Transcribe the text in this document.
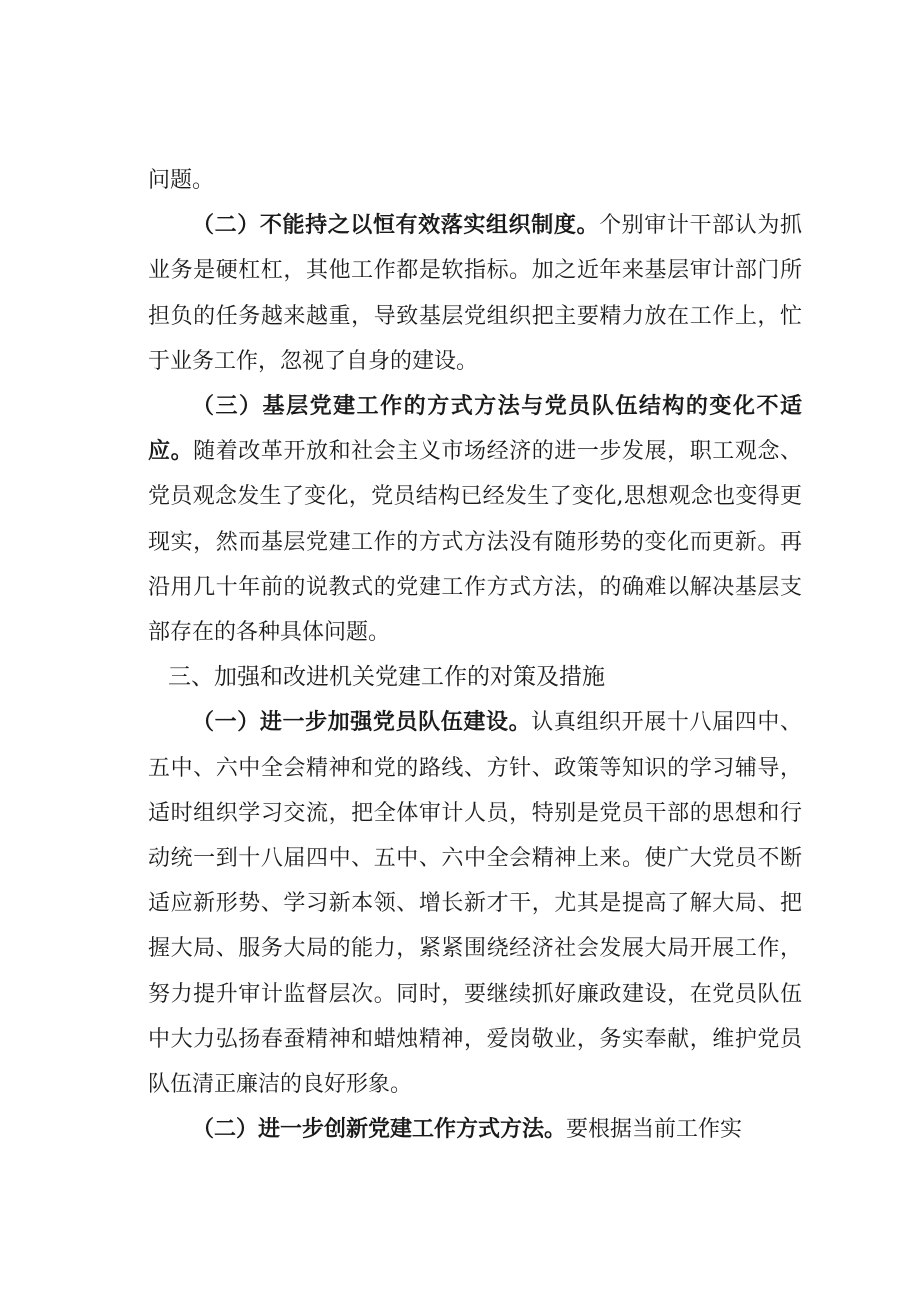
问题。

（二）不能持之以恒有效落实组织制度。个别审计干部认为抓业务是硬杠杠，其他工作都是软指标。加之近年来基层审计部门所担负的任务越来越重，导致基层党组织把主要精力放在工作上，忙于业务工作，忽视了自身的建设。

（三）基层党建工作的方式方法与党员队伍结构的变化不适应。随着改革开放和社会主义市场经济的进一步发展，职工观念、党员观念发生了变化，党员结构已经发生了变化,思想观念也变得更现实，然而基层党建工作的方式方法没有随形势的变化而更新。再沿用几十年前的说教式的党建工作方式方法，的确难以解决基层支部存在的各种具体问题。

三、加强和改进机关党建工作的对策及措施

（一）进一步加强党员队伍建设。认真组织开展十八届四中、五中、六中全会精神和党的路线、方针、政策等知识的学习辅导，适时组织学习交流，把全体审计人员，特别是党员干部的思想和行动统一到十八届四中、五中、六中全会精神上来。使广大党员不断适应新形势、学习新本领、增长新才干，尤其是提高了解大局、把握大局、服务大局的能力，紧紧围绕经济社会发展大局开展工作，努力提升审计监督层次。同时，要继续抓好廉政建设，在党员队伍中大力弘扬春蚕精神和蜡烛精神，爱岗敬业，务实奉献，维护党员队伍清正廉洁的良好形象。

（二）进一步创新党建工作方式方法。要根据当前工作实
